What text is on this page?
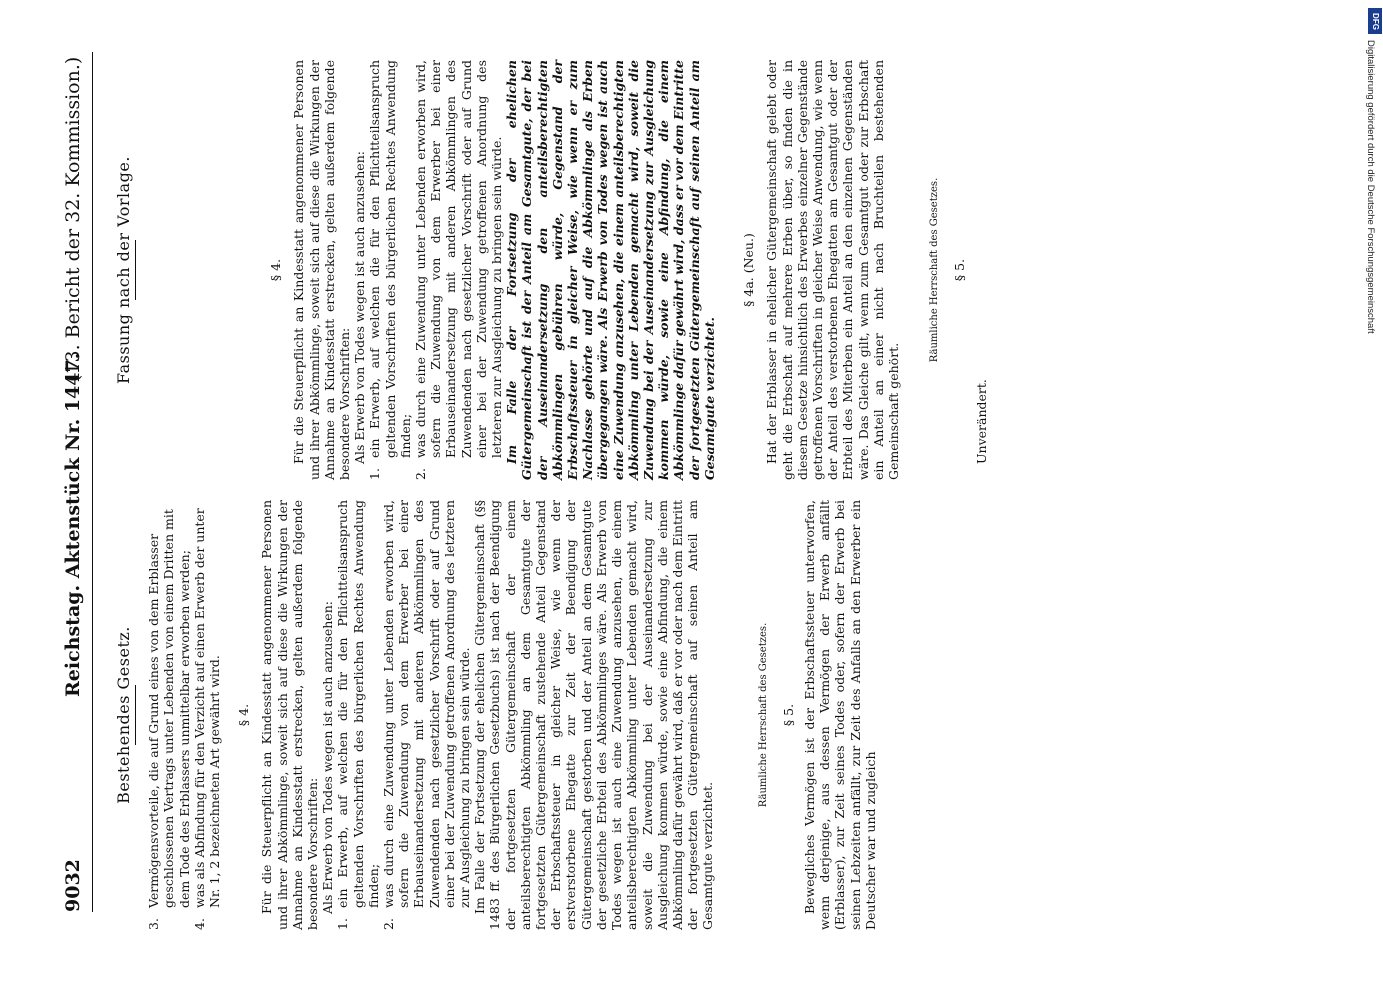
9032
Reichstag. Aktenstück Nr. 1447.
(13. Bericht der 32. Kommission.)
Bestehendes Gesetz.
3.
Vermögensvorteile, die auf Grund eines von dem Erblasser geschlossenen Vertrags unter Lebenden von einem Dritten mit dem Tode des Erblassers unmittelbar erworben werden;
4.
was als Abfindung für den Verzicht auf einen Erwerb der unter Nr. 1, 2 bezeichneten Art gewährt wird. § 4. Für die Steuerpflicht an Kindesstatt angenommener Personen und ihrer Abkömmlinge, soweit sich auf diese die Wirkungen der Annahme an Kindesstatt erstrecken, gelten außerdem folgende besondere Vorschriften: Als Erwerb von Todes wegen ist auch anzusehen:
1.
ein Erwerb, auf welchen die für den Pflichtteilsanspruch geltenden Vorschriften des bürgerlichen Rechtes Anwendung finden;
2.
was durch eine Zuwendung unter Lebenden erworben wird, sofern die Zuwendung von dem Erwerber bei einer Erbauseinandersetzung mit anderen Abkömmlingen des Zuwendenden nach gesetzlicher Vorschrift oder auf Grund einer bei der Zuwendung getroffenen Anordnung des letzteren zur Ausgleichung zu bringen sein würde. Im Falle der Fortsetzung der ehelichen Gütergemeinschaft (§§ 1483 ff. des Bürgerlichen Gesetzbuchs) ist nach der Beendigung der fortgesetzten Gütergemeinschaft der einem anteilsberechtigten Abkömmling an dem Gesamtgute der fortgesetzten Gütergemeinschaft zustehende Anteil Gegenstand der Erbschaftssteuer in gleicher Weise, wie wenn der erstverstorbene Ehegatte zur Zeit der Beendigung der Gütergemeinschaft gestorben und der Anteil an dem Gesamtgute der gesetzliche Erbteil des Abkömmlinges wäre. Als Erwerb von Todes wegen ist auch eine Zuwendung anzusehen, die einem anteilsberechtigten Abkömmling unter Lebenden gemacht wird, soweit die Zuwendung bei der Auseinandersetzung zur Ausgleichung kommen würde, sowie eine Abfindung, die einem Abkömmling dafür gewährt wird, daß er vor oder nach dem Eintritt der fortgesetzten Gütergemeinschaft auf seinen Anteil am Gesamtgute verzichtet.
Räumliche Herrschaft des Gesetzes. § 5. Bewegliches Vermögen ist der Erbschaftssteuer unterworfen, wenn derjenige, aus dessen Vermögen der Erwerb anfällt (Erblasser), zur Zeit seines Todes oder, sofern der Erwerb bei seinen Lebzeiten anfällt, zur Zeit des Anfalls an den Erwerber ein Deutscher war und zugleich
Fassung nach der Vorlage.	§ 4. Für die Steuerpflicht an Kindesstatt angenommener Personen und ihrer Abkömmlinge, soweit sich auf diese die Wirkungen der Annahme an Kindesstatt erstrecken, gelten außerdem folgende besondere Vorschriften: Als Erwerb von Todes wegen ist auch anzusehen:
1.
ein Erwerb, auf welchen die für den Pflichtteilsanspruch geltenden Vorschriften des bürgerlichen Rechtes Anwendung finden;
2.
was durch eine Zuwendung unter Lebenden erworben wird, sofern die Zuwendung von dem Erwerber bei einer Erbauseinandersetzung mit anderen Abkömmlingen des Zuwendenden nach gesetzlicher Vorschrift oder auf Grund einer bei der Zuwendung getroffenen Anordnung des letzteren zur Ausgleichung zu bringen sein würde. Im Falle der Fortsetzung der ehelichen Gütergemeinschaft ist der Anteil am Gesamtgute, der bei der Auseinandersetzung den anteilsberechtigten Abkömmlingen gebühren würde, Gegenstand der Erbschaftssteuer in gleicher Weise, wie wenn er zum Nachlasse gehörte und auf die Abkömmlinge als Erben übergegangen wäre. Als Erwerb von Todes wegen ist auch eine Zuwendung anzusehen, die einem anteilsberechtigten Abkömmling unter Lebenden gemacht wird, soweit die Zuwendung bei der Auseinandersetzung zur Ausgleichung kommen würde, sowie eine Abfindung, die einem Abkömmlinge dafür gewährt wird, dass er vor dem Eintritte der fortgesetzten Gütergemeinschaft auf seinen Anteil am Gesamtgute verzichtet.
§ 4a. (Neu.) Hat der Erblasser in ehelicher Gütergemeinschaft gelebt oder geht die Erbschaft auf mehrere Erben über, so finden die in diesem Gesetze hinsichtlich des Erwerbes einzelner Gegenstände getroffenen Vorschriften in gleicher Weise Anwendung, wie wenn der Anteil des verstorbenen Ehegatten am Gesamtgut oder der Erbteil des Miterben ein Anteil an den einzelnen Gegenständen wäre. Das Gleiche gilt, wenn zum Gesamtgut oder zur Erbschaft ein Anteil an einer nicht nach Bruchteilen bestehenden Gemeinschaft gehört.
Räumliche Herrschaft des Gesetzes. § 5.
Unverändert.
DFG
Digitalisierung gefördert durch die Deutsche Forschungsgemeinschaft
